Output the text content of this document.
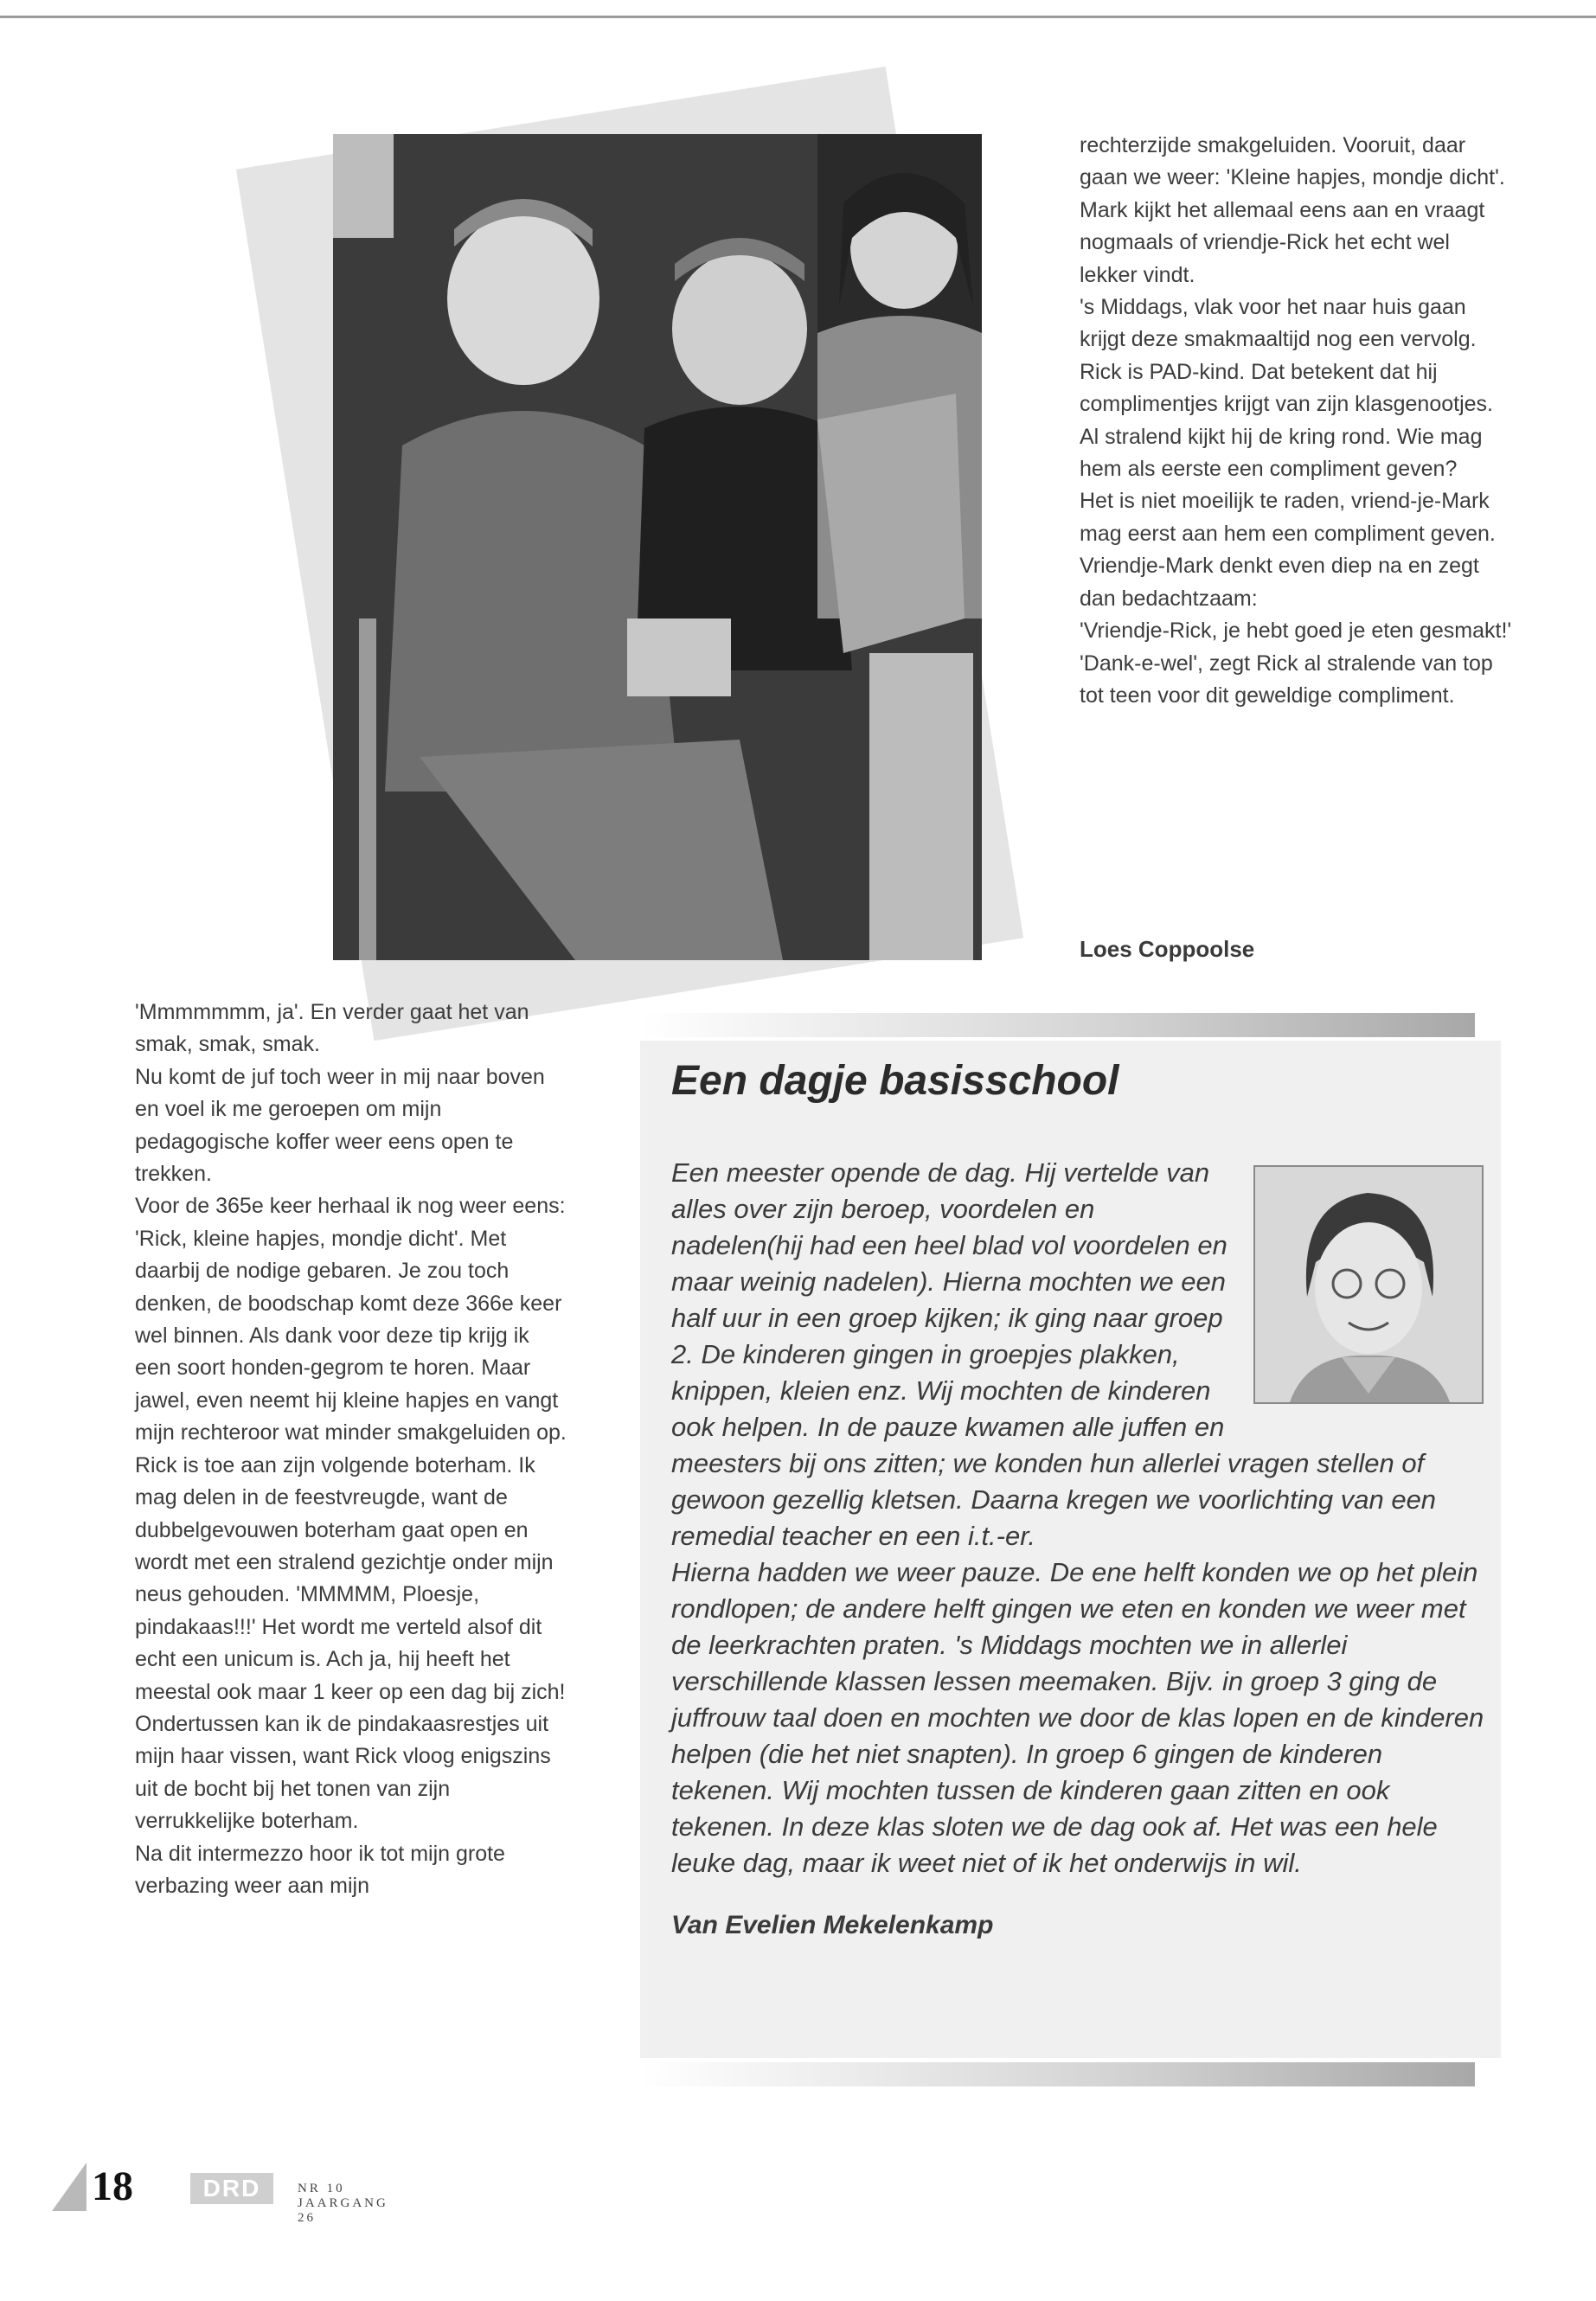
rechterzijde smakgeluiden. Vooruit, daar gaan we weer: 'Kleine hapjes, mondje dicht'.

Mark kijkt het allemaal eens aan en vraagt nogmaals of vriendje-Rick het echt wel lekker vindt.

's Middags, vlak voor het naar huis gaan krijgt deze smakmaaltijd nog een vervolg.

Rick is PAD-kind. Dat betekent dat hij complimentjes krijgt van zijn klasgenootjes. Al stralend kijkt hij de kring rond. Wie mag hem als eerste een compliment geven?

Het is niet moeilijk te raden, vriend-je-Mark mag eerst aan hem een compliment geven.

Vriendje-Mark denkt even diep na en zegt dan bedachtzaam:

'Vriendje-Rick, je hebt goed je eten gesmakt!'

'Dank-e-wel', zegt Rick al stralende van top tot teen voor dit geweldige compliment.

Loes Coppoolse

'Mmmmmmm, ja'. En verder gaat het van smak, smak, smak.

Nu komt de juf toch weer in mij naar boven en voel ik me geroepen om mijn pedagogische koffer weer eens open te trekken.

Voor de 365e keer herhaal ik nog weer eens: 'Rick, kleine hapjes, mondje dicht'. Met daarbij de nodige gebaren. Je zou toch denken, de boodschap komt deze 366e keer wel binnen. Als dank voor deze tip krijg ik een soort honden-gegrom te horen. Maar jawel, even neemt hij kleine hapjes en vangt mijn rechteroor wat minder smakgeluiden op.

Rick is toe aan zijn volgende boterham. Ik mag delen in de feestvreugde, want de dubbelgevouwen boterham gaat open en wordt met een stralend gezichtje onder mijn neus gehouden. 'MMMMM, Ploesje, pindakaas!!!' Het wordt me verteld alsof dit echt een unicum is. Ach ja, hij heeft het meestal ook maar 1 keer op een dag bij zich!

Ondertussen kan ik de pindakaasrestjes uit mijn haar vissen, want Rick vloog enigszins uit de bocht bij het tonen van zijn verrukkelijke boterham.

Na dit intermezzo hoor ik tot mijn grote verbazing weer aan mijn

Een dagje basisschool

Een meester opende de dag. Hij vertelde van alles over zijn beroep, voordelen en nadelen(hij had een heel blad vol voordelen en maar weinig nadelen). Hierna mochten we een half uur in een groep kijken; ik ging naar groep 2. De kinderen gingen in groepjes plakken, knippen, kleien enz. Wij mochten de kinderen ook helpen. In de pauze kwamen alle juffen en meesters bij ons zitten; we konden hun allerlei vragen stellen of gewoon gezellig kletsen. Daarna kregen we voorlichting van een remedial teacher en een i.t.-er.

Hierna hadden we weer pauze. De ene helft konden we op het plein rondlopen; de andere helft gingen we eten en konden we weer met de leerkrachten praten. 's Middags mochten we in allerlei verschillende klassen lessen meemaken. Bijv. in groep 3 ging de juffrouw taal doen en mochten we door de klas lopen en de kinderen helpen (die het niet snapten). In groep 6 gingen de kinderen tekenen. Wij mochten tussen de kinderen gaan zitten en ook tekenen. In deze klas sloten we de dag ook af. Het was een hele leuke dag, maar ik weet niet of ik het onderwijs in wil.

Van Evelien Mekelenkamp

18	DRD	NR 10 JAARGANG 26
